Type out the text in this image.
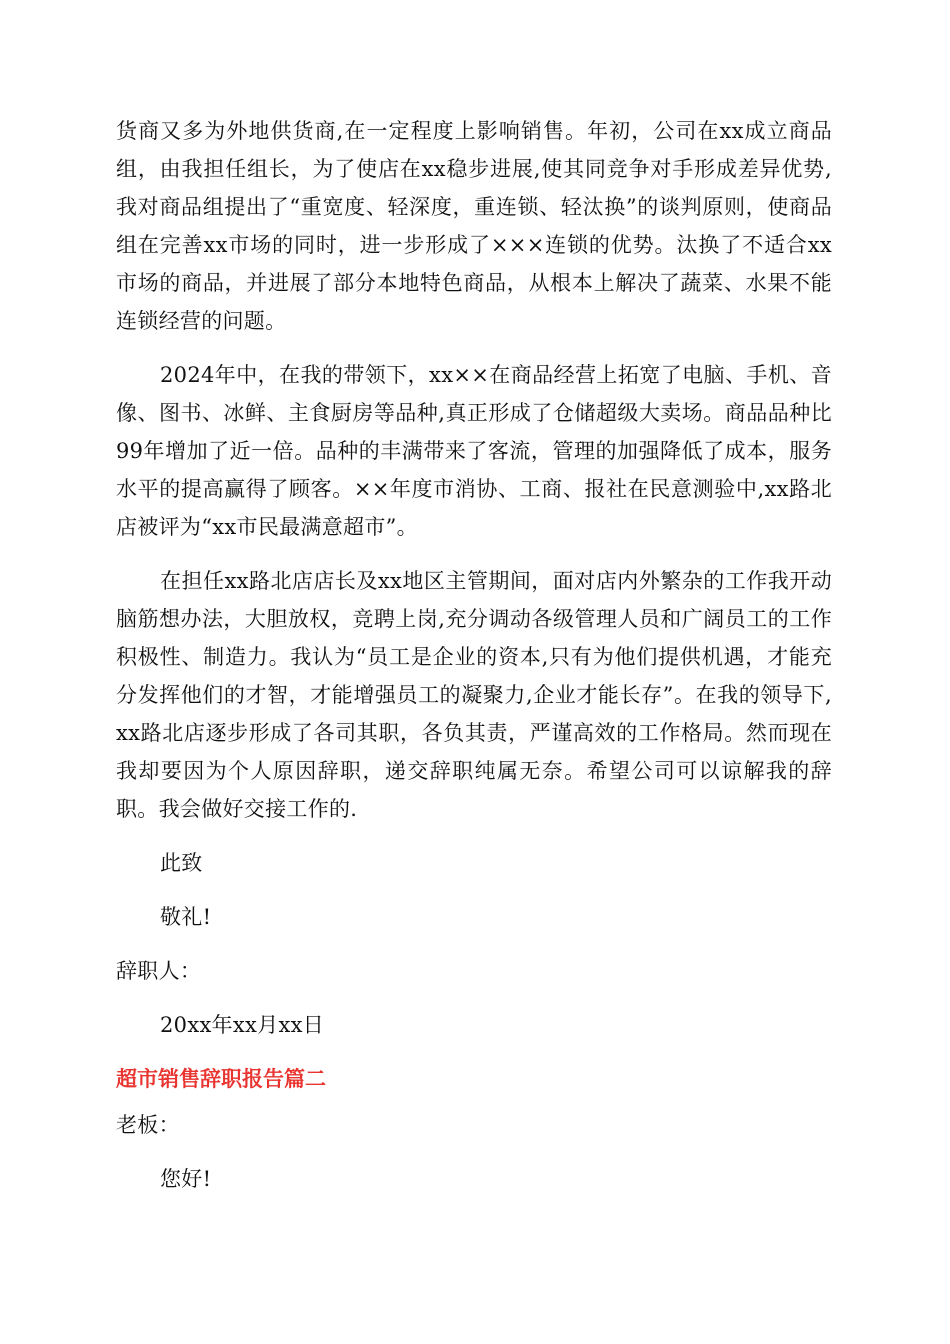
货商又多为外地供货商,在一定程度上影响销售。年初，公司在xx成立商品组，由我担任组长，为了使店在xx稳步进展,使其同竞争对手形成差异优势,我对商品组提出了“重宽度、轻深度，重连锁、轻汰换”的谈判原则，使商品组在完善xx市场的同时，进一步形成了×××连锁的优势。汰换了不适合xx市场的商品，并进展了部分本地特色商品，从根本上解决了蔬菜、水果不能连锁经营的问题。

2024年中，在我的带领下，xx××在商品经营上拓宽了电脑、手机、音像、图书、冰鲜、主食厨房等品种,真正形成了仓储超级大卖场。商品品种比99年增加了近一倍。品种的丰满带来了客流，管理的加强降低了成本，服务水平的提高赢得了顾客。××年度市消协、工商、报社在民意测验中,xx路北店被评为“xx市民最满意超市”。

在担任xx路北店店长及xx地区主管期间，面对店内外繁杂的工作我开动脑筋想办法，大胆放权，竞聘上岗,充分调动各级管理人员和广阔员工的工作积极性、制造力。我认为“员工是企业的资本,只有为他们提供机遇，才能充分发挥他们的才智，才能增强员工的凝聚力,企业才能长存”。在我的领导下,xx路北店逐步形成了各司其职，各负其责，严谨高效的工作格局。然而现在我却要因为个人原因辞职，递交辞职纯属无奈。希望公司可以谅解我的辞职。我会做好交接工作的.

此致

敬礼!

辞职人：

20xx年xx月xx日

超市销售辞职报告篇二

老板：

您好!
